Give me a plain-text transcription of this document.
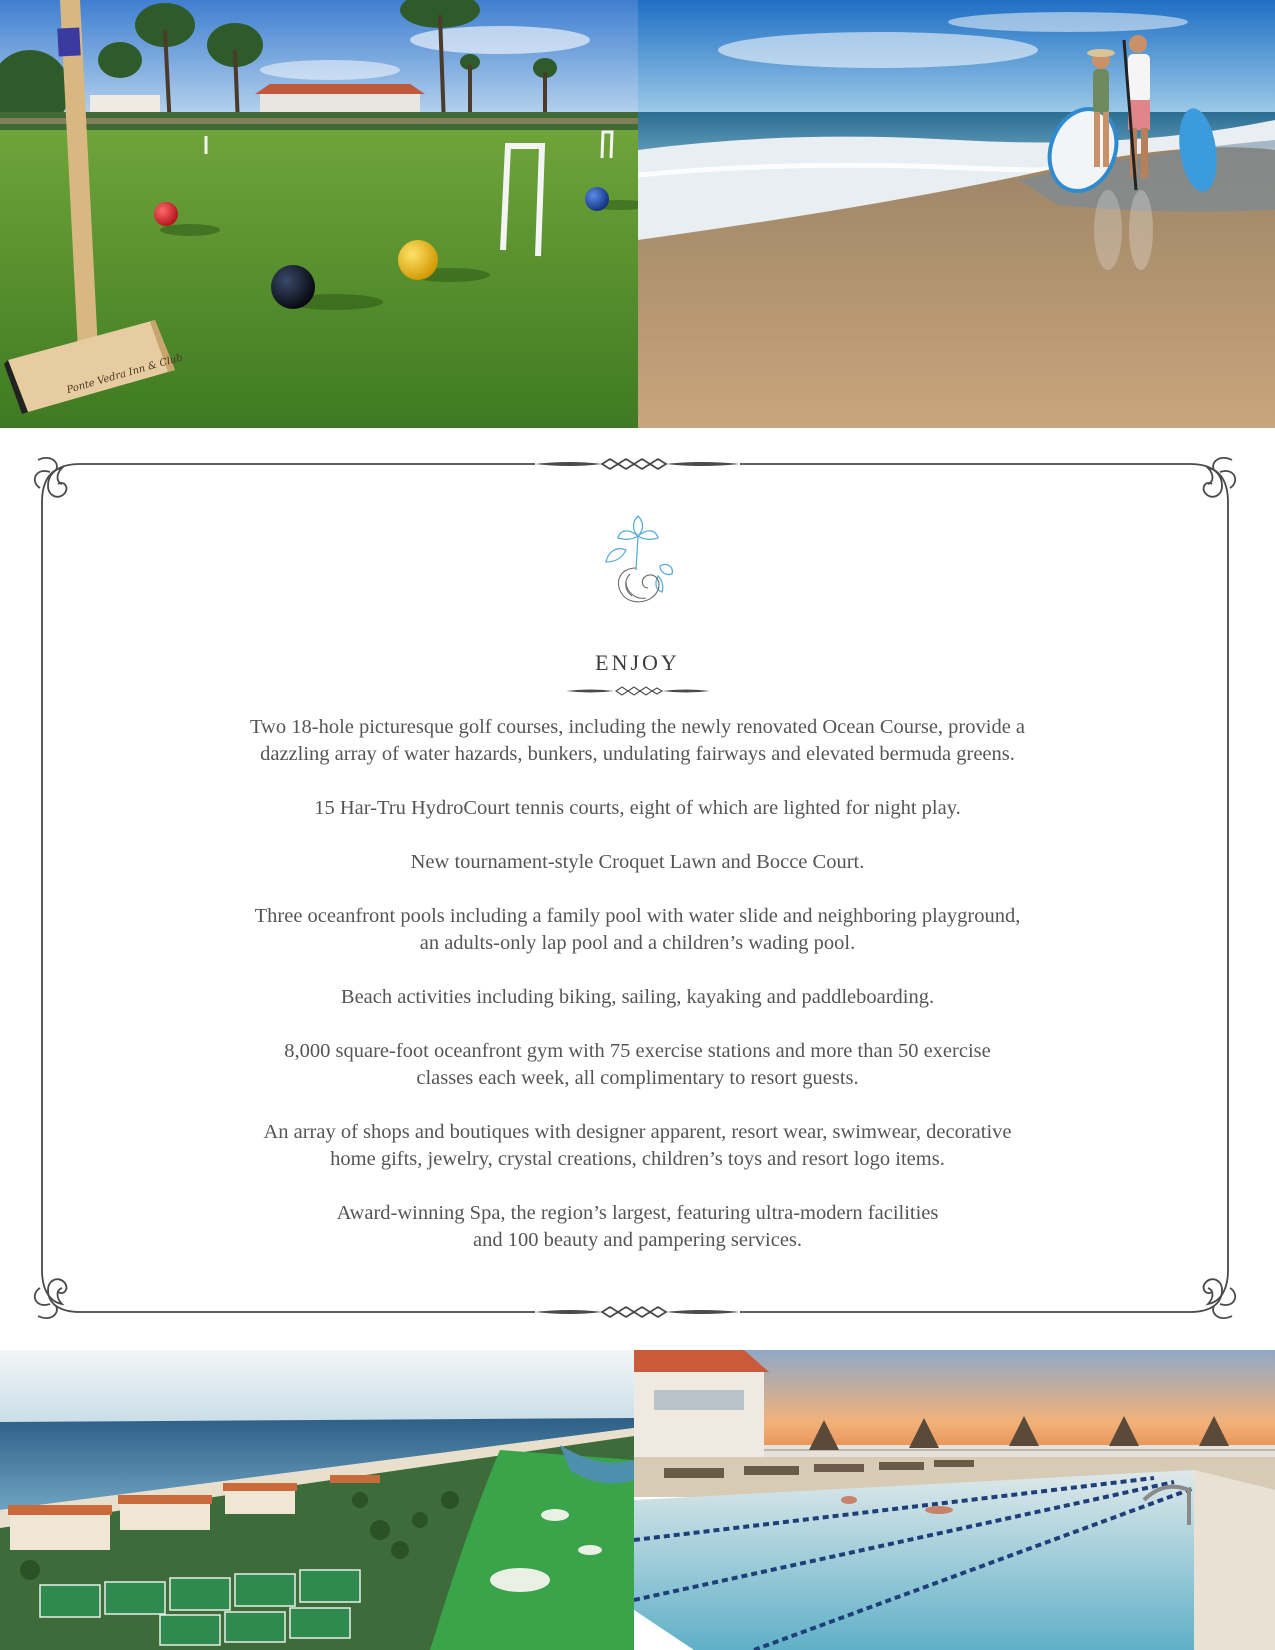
Ponte Vedra Inn & Club
ENJOY

Two 18-hole picturesque golf courses, including the newly renovated Ocean Course, provide a
dazzling array of water hazards, bunkers, undulating fairways and elevated bermuda greens.

15 Har-Tru HydroCourt tennis courts, eight of which are lighted for night play.

New tournament-style Croquet Lawn and Bocce Court.

Three oceanfront pools including a family pool with water slide and neighboring playground,
an adults-only lap pool and a children’s wading pool.

Beach activities including biking, sailing, kayaking and paddleboarding.

8,000 square-foot oceanfront gym with 75 exercise stations and more than 50 exercise
classes each week, all complimentary to resort guests.

An array of shops and boutiques with designer apparent, resort wear, swimwear, decorative
home gifts, jewelry, crystal creations, children’s toys and resort logo items.

Award-winning Spa, the region’s largest, featuring ultra-modern facilities
and 100 beauty and pampering services.
